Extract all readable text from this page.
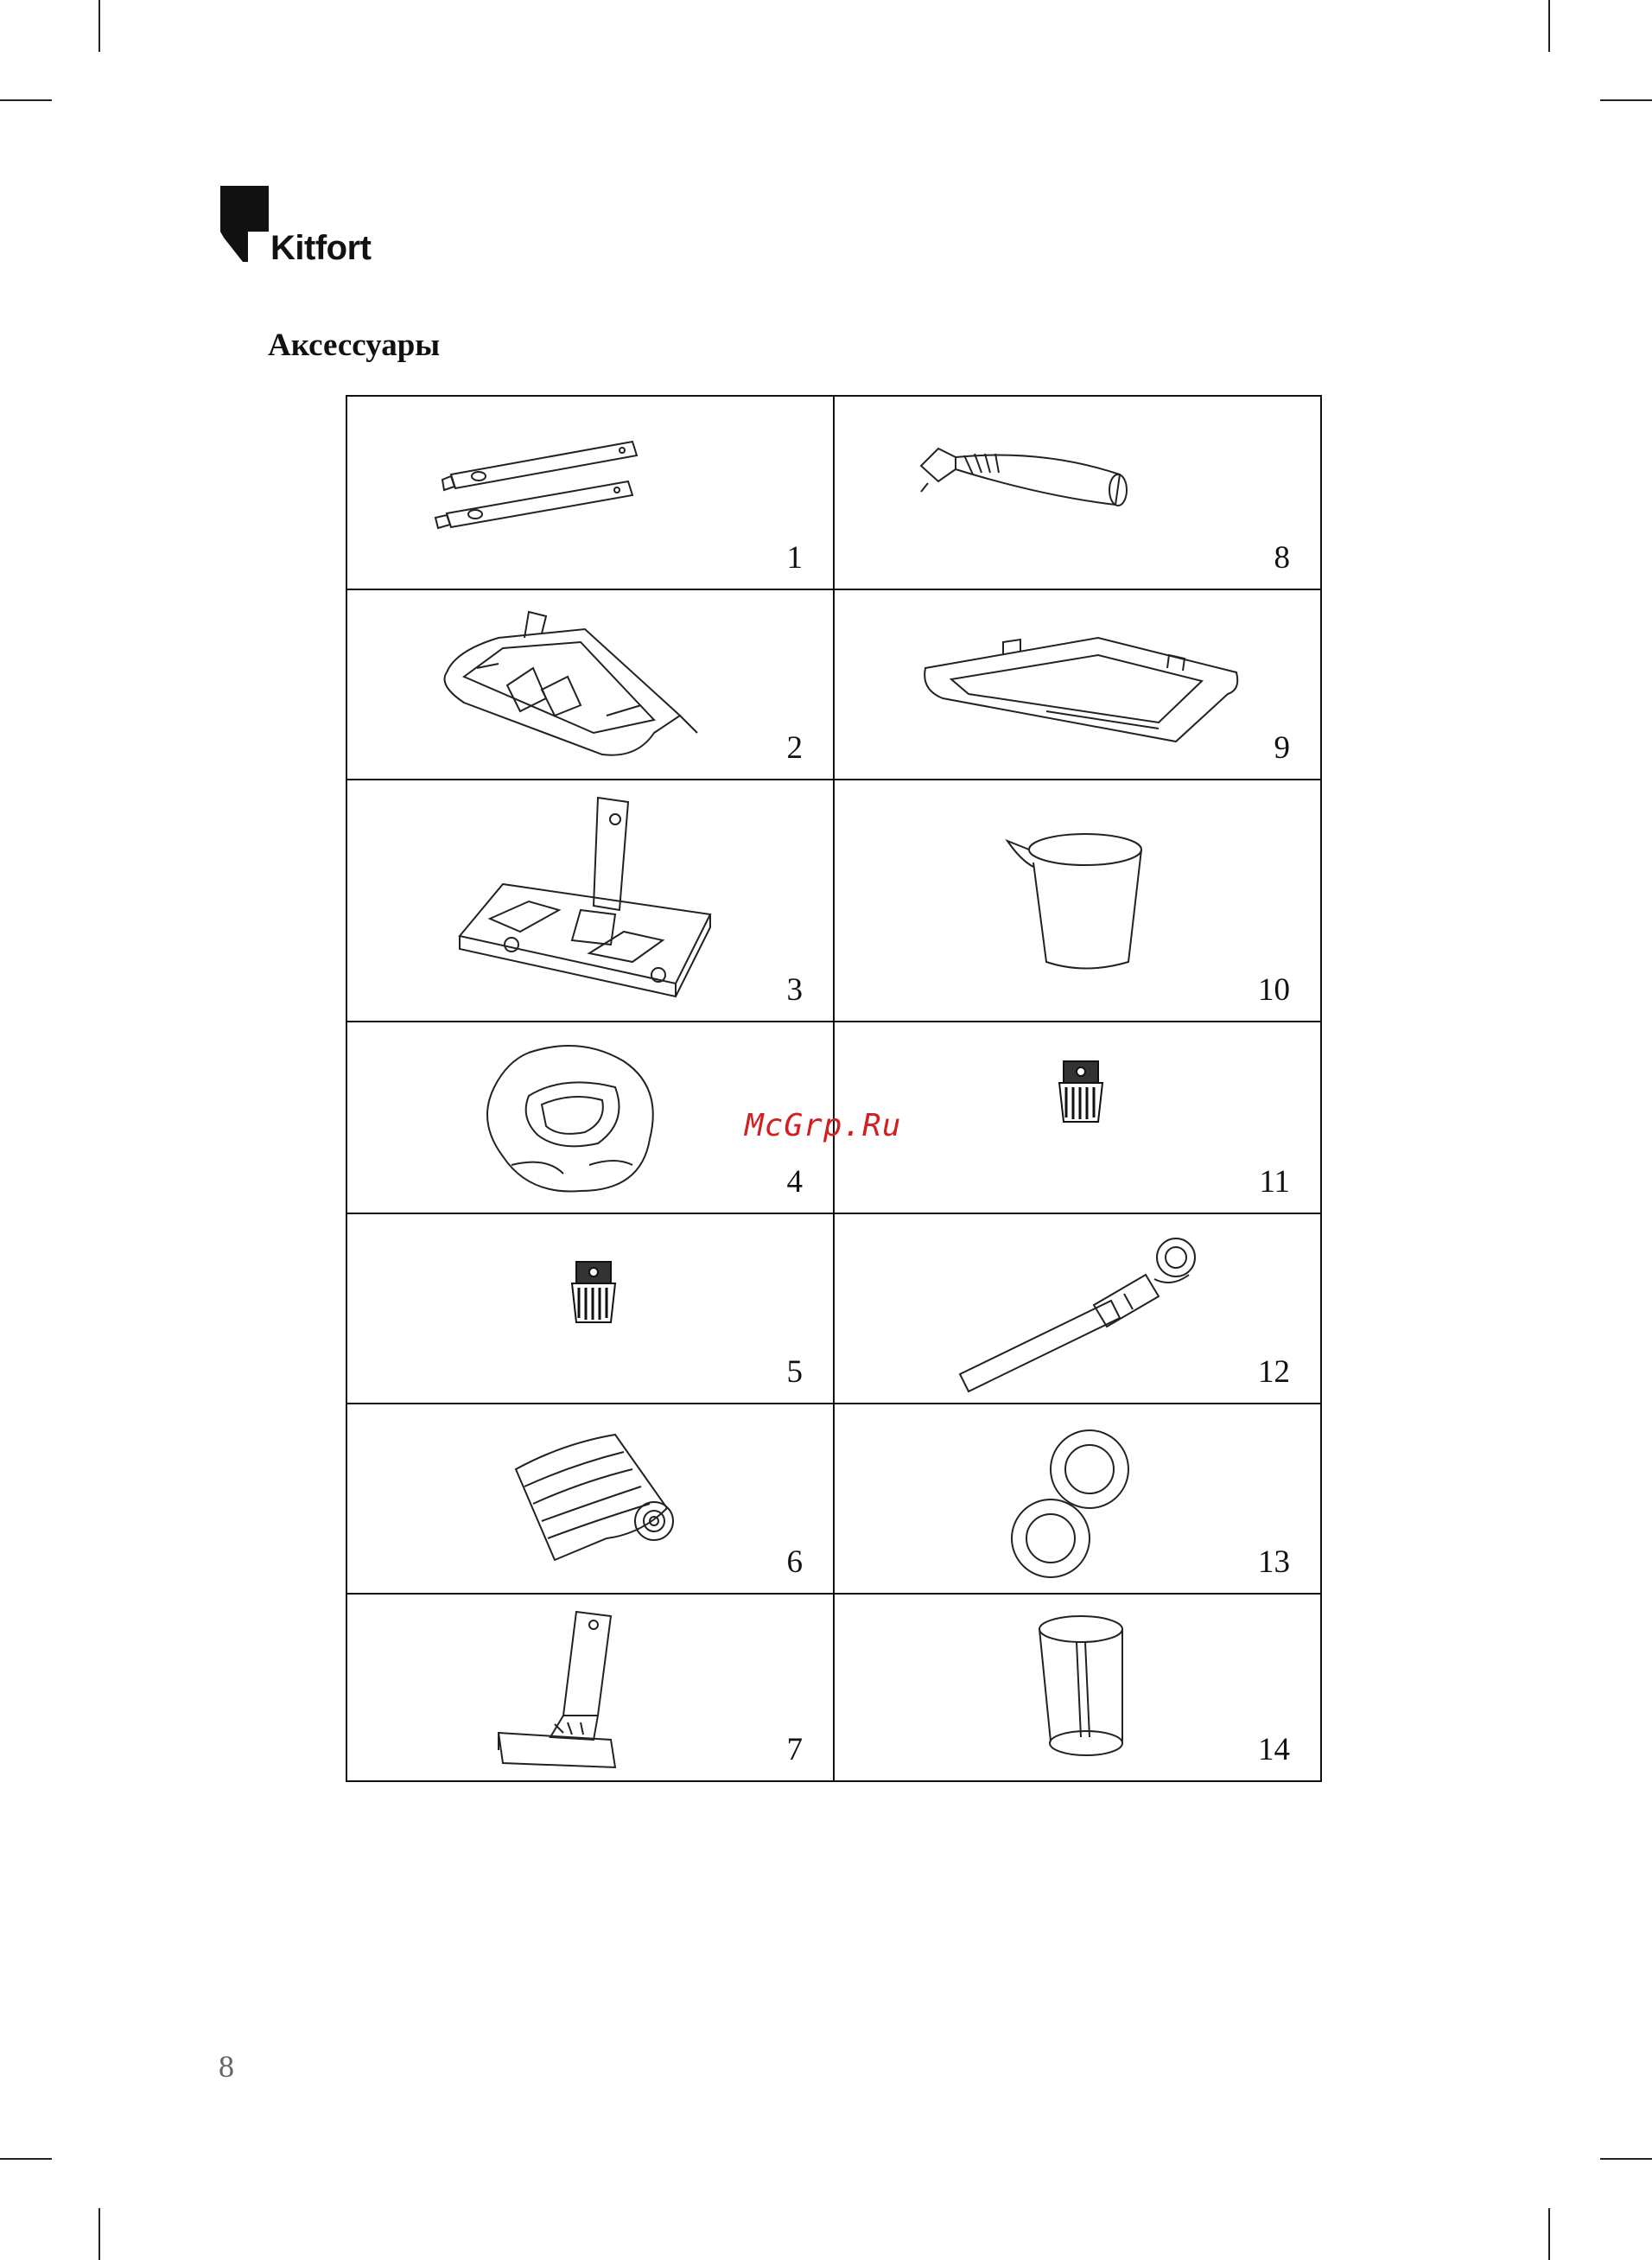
Kitfort
Аксессуары
1	8
2	9
3	10
4	11
5	12
6	13
7	14
McGrp.Ru
8
